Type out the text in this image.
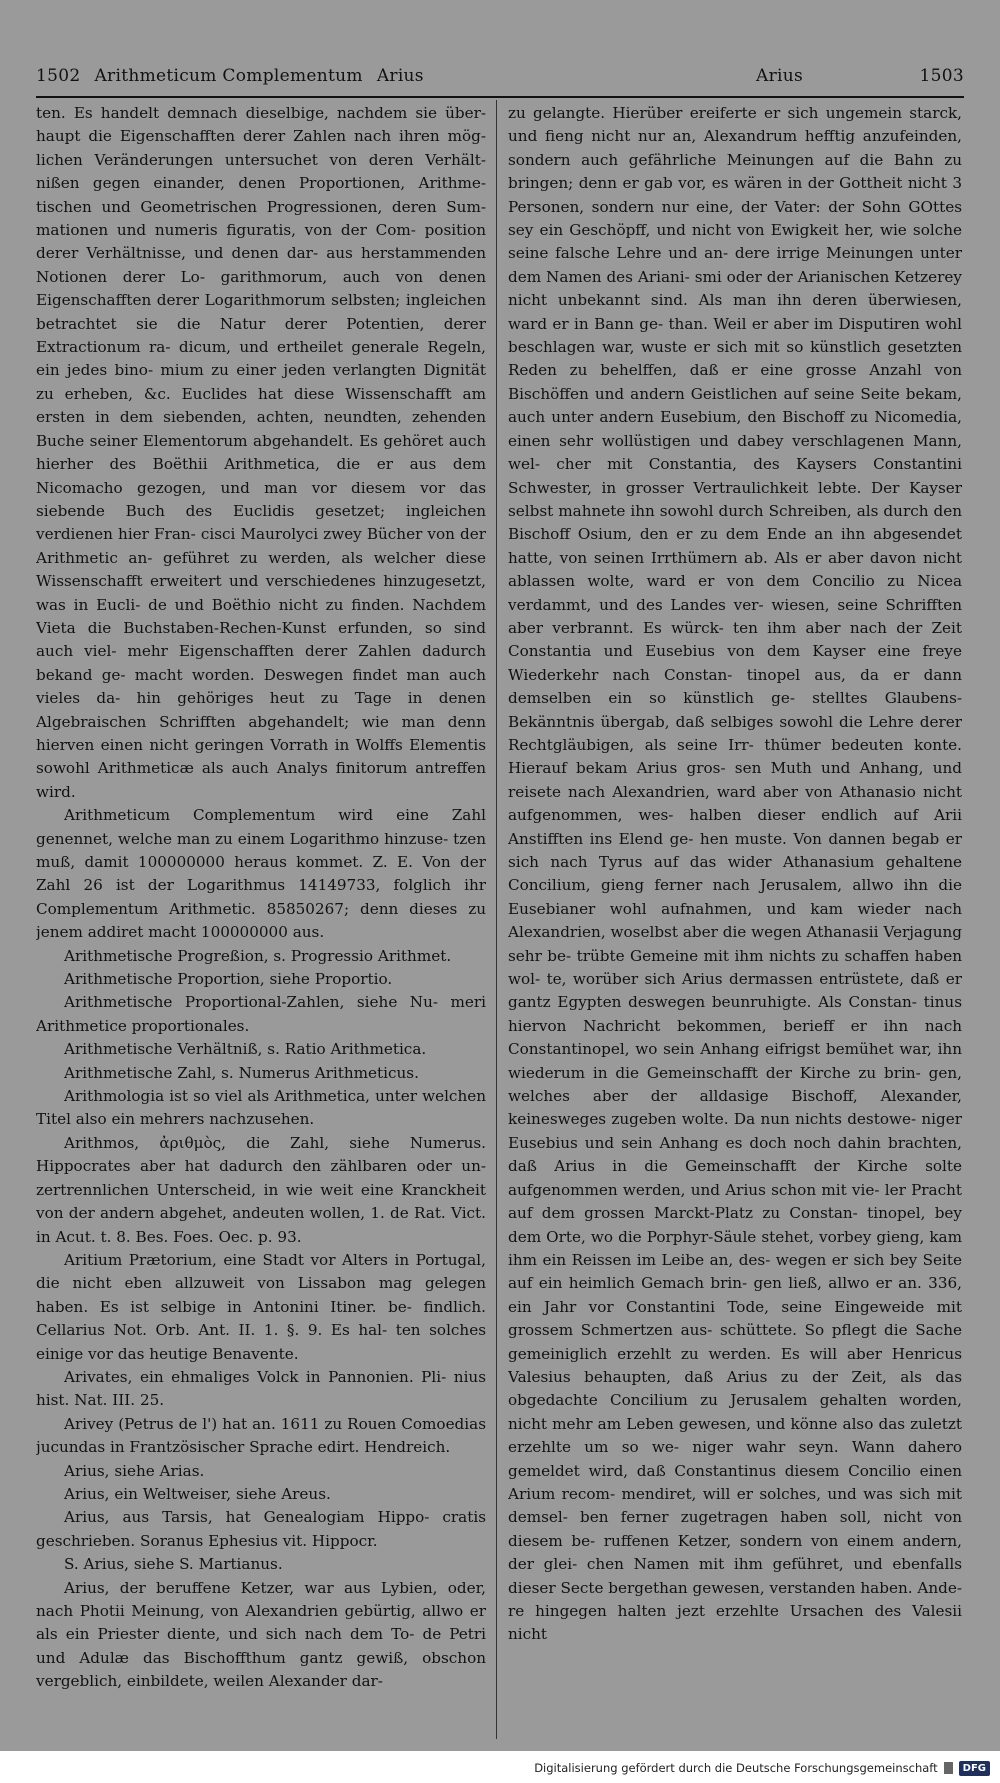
1502 Arithmeticum Complementum Arius	Arius	1503

ten. Es handelt demnach dieselbige, nachdem sie über- haupt die Eigenschafften derer Zahlen nach ihren mög- lichen Veränderungen untersuchet von deren Verhält- nißen gegen einander, denen Proportionen, Arithme- tischen und Geometrischen Progressionen, deren Sum- mationen und numeris figuratis, von der Com- position derer Verhältnisse, und denen dar- aus herstammenden Notionen derer Lo- garithmorum, auch von denen Eigenschafften derer Logarithmorum selbsten; ingleichen betrachtet sie die Natur derer Potentien, derer Extractionum ra- dicum, und ertheilet generale Regeln, ein jedes bino- mium zu einer jeden verlangten Dignität zu erheben, &c. Euclides hat diese Wissenschafft am ersten in dem siebenden, achten, neundten, zehenden Buche seiner Elementorum abgehandelt. Es gehöret auch hierher des Boëthii Arithmetica, die er aus dem Nicomacho gezogen, und man vor diesem vor das siebende Buch des Euclidis gesetzet; ingleichen verdienen hier Fran- cisci Maurolyci zwey Bücher von der Arithmetic an- geführet zu werden, als welcher diese Wissenschafft erweitert und verschiedenes hinzugesetzt, was in Eucli- de und Boëthio nicht zu finden. Nachdem Vieta die Buchstaben-Rechen-Kunst erfunden, so sind auch viel- mehr Eigenschafften derer Zahlen dadurch bekand ge- macht worden. Deswegen findet man auch vieles da- hin gehöriges heut zu Tage in denen Algebraischen Schrifften abgehandelt; wie man denn hierven einen nicht geringen Vorrath in Wolffs Elementis sowohl Arithmeticæ als auch Analys finitorum antreffen wird.

Arithmeticum Complementum wird eine Zahl genennet, welche man zu einem Logarithmo hinzuse- tzen muß, damit 100000000 heraus kommet. Z. E. Von der Zahl 26 ist der Logarithmus 14149733, folglich ihr Complementum Arithmetic. 85850267; denn dieses zu jenem addiret macht 100000000 aus.

Arithmetische Progreßion, s. Progressio Arithmet.

Arithmetische Proportion, siehe Proportio.

Arithmetische Proportional-Zahlen, siehe Nu- meri Arithmetice proportionales.

Arithmetische Verhältniß, s. Ratio Arithmetica.

Arithmetische Zahl, s. Numerus Arithmeticus.

Arithmologia ist so viel als Arithmetica, unter welchen Titel also ein mehrers nachzusehen.

Arithmos, ἀριθμὸς, die Zahl, siehe Numerus. Hippocrates aber hat dadurch den zählbaren oder un- zertrennlichen Unterscheid, in wie weit eine Kranckheit von der andern abgehet, andeuten wollen, 1. de Rat. Vict. in Acut. t. 8. Bes. Foes. Oec. p. 93.

Aritium Prætorium, eine Stadt vor Alters in Portugal, die nicht eben allzuweit von Lissabon mag gelegen haben. Es ist selbige in Antonini Itiner. be- findlich. Cellarius Not. Orb. Ant. II. 1. §. 9. Es hal- ten solches einige vor das heutige Benavente.

Arivates, ein ehmaliges Volck in Pannonien. Pli- nius hist. Nat. III. 25.

Arivey (Petrus de l') hat an. 1611 zu Rouen Comoedias jucundas in Frantzösischer Sprache edirt. Hendreich.

Arius, siehe Arias.

Arius, ein Weltweiser, siehe Areus.

Arius, aus Tarsis, hat Genealogiam Hippo- cratis geschrieben. Soranus Ephesius vit. Hippocr.

S. Arius, siehe S. Martianus.

Arius, der beruffene Ketzer, war aus Lybien, oder, nach Photii Meinung, von Alexandrien gebürtig, allwo er als ein Priester diente, und sich nach dem To- de Petri und Adulæ das Bischoffthum gantz gewiß, obschon vergeblich, einbildete, weilen Alexander dar-

zu gelangte. Hierüber ereiferte er sich ungemein starck, und fieng nicht nur an, Alexandrum hefftig anzufeinden, sondern auch gefährliche Meinungen auf die Bahn zu bringen; denn er gab vor, es wären in der Gottheit nicht 3 Personen, sondern nur eine, der Vater: der Sohn GOttes sey ein Geschöpff, und nicht von Ewigkeit her, wie solche seine falsche Lehre und an- dere irrige Meinungen unter dem Namen des Ariani- smi oder der Arianischen Ketzerey nicht unbekannt sind. Als man ihn deren überwiesen, ward er in Bann ge- than. Weil er aber im Disputiren wohl beschlagen war, wuste er sich mit so künstlich gesetzten Reden zu behelffen, daß er eine grosse Anzahl von Bischöffen und andern Geistlichen auf seine Seite bekam, auch unter andern Eusebium, den Bischoff zu Nicomedia, einen sehr wollüstigen und dabey verschlagenen Mann, wel- cher mit Constantia, des Kaysers Constantini Schwester, in grosser Vertraulichkeit lebte. Der Kayser selbst mahnete ihn sowohl durch Schreiben, als durch den Bischoff Osium, den er zu dem Ende an ihn abgesendet hatte, von seinen Irrthümern ab. Als er aber davon nicht ablassen wolte, ward er von dem Concilio zu Nicea verdammt, und des Landes ver- wiesen, seine Schrifften aber verbrannt. Es würck- ten ihm aber nach der Zeit Constantia und Eusebius von dem Kayser eine freye Wiederkehr nach Constan- tinopel aus, da er dann demselben ein so künstlich ge- stelltes Glaubens-Bekänntnis übergab, daß selbiges sowohl die Lehre derer Rechtgläubigen, als seine Irr- thümer bedeuten konte. Hierauf bekam Arius gros- sen Muth und Anhang, und reisete nach Alexandrien, ward aber von Athanasio nicht aufgenommen, wes- halben dieser endlich auf Arii Anstifften ins Elend ge- hen muste. Von dannen begab er sich nach Tyrus auf das wider Athanasium gehaltene Concilium, gieng ferner nach Jerusalem, allwo ihn die Eusebianer wohl aufnahmen, und kam wieder nach Alexandrien, woselbst aber die wegen Athanasii Verjagung sehr be- trübte Gemeine mit ihm nichts zu schaffen haben wol- te, worüber sich Arius dermassen entrüstete, daß er gantz Egypten deswegen beunruhigte. Als Constan- tinus hiervon Nachricht bekommen, berieff er ihn nach Constantinopel, wo sein Anhang eifrigst bemühet war, ihn wiederum in die Gemeinschafft der Kirche zu brin- gen, welches aber der alldasige Bischoff, Alexander, keinesweges zugeben wolte. Da nun nichts destowe- niger Eusebius und sein Anhang es doch noch dahin brachten, daß Arius in die Gemeinschafft der Kirche solte aufgenommen werden, und Arius schon mit vie- ler Pracht auf dem grossen Marckt-Platz zu Constan- tinopel, bey dem Orte, wo die Porphyr-Säule stehet, vorbey gieng, kam ihm ein Reissen im Leibe an, des- wegen er sich bey Seite auf ein heimlich Gemach brin- gen ließ, allwo er an. 336, ein Jahr vor Constantini Tode, seine Eingeweide mit grossem Schmertzen aus- schüttete. So pflegt die Sache gemeiniglich erzehlt zu werden. Es will aber Henricus Valesius behaupten, daß Arius zu der Zeit, als das obgedachte Concilium zu Jerusalem gehalten worden, nicht mehr am Leben gewesen, und könne also das zuletzt erzehlte um so we- niger wahr seyn. Wann dahero gemeldet wird, daß Constantinus diesem Concilio einen Arium recom- mendiret, will er solches, und was sich mit demsel- ben ferner zugetragen haben soll, nicht von diesem be- ruffenen Ketzer, sondern von einem andern, der glei- chen Namen mit ihm geführet, und ebenfalls dieser Secte bergethan gewesen, verstanden haben. Ande- re hingegen halten jezt erzehlte Ursachen des Valesii nicht

Digitalisierung gefördert durch die Deutsche Forschungsgemeinschaft	DFG
